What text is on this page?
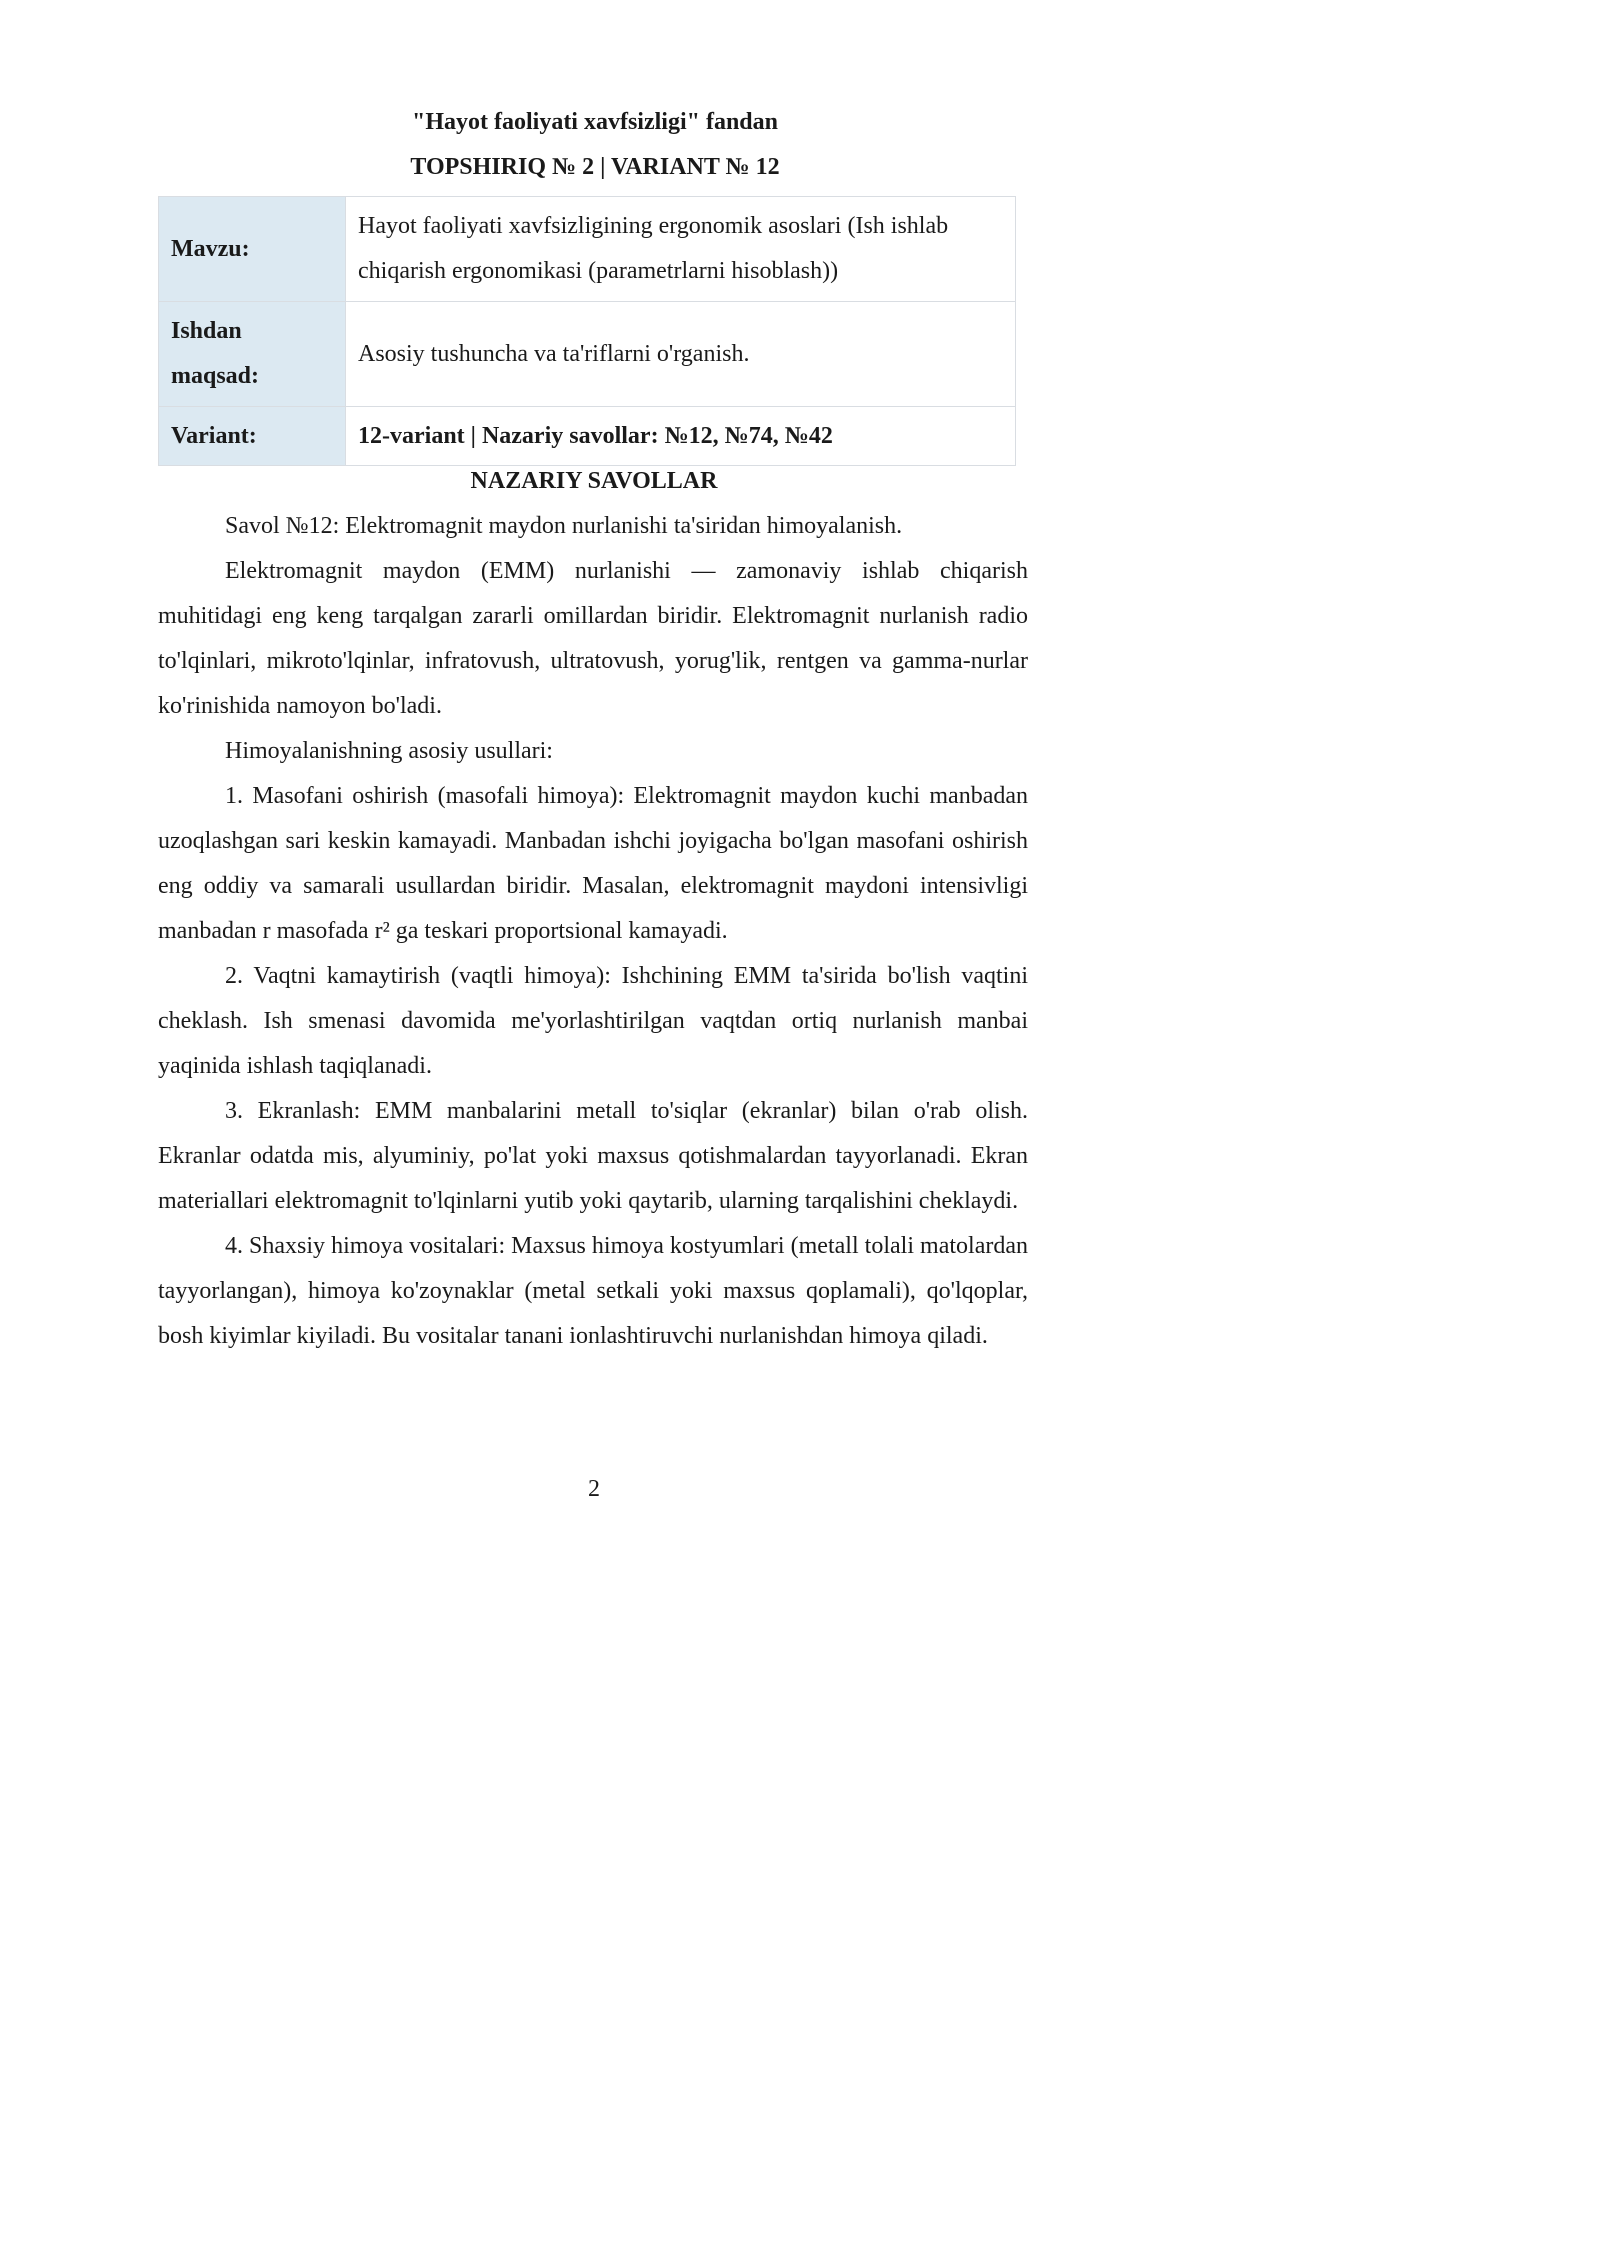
"Hayot faoliyati xavfsizligi" fandan
TOPSHIRIQ № 2 | VARIANT № 12
Mavzu:	Hayot faoliyati xavfsizligining ergonomik asoslari (Ish ishlab chiqarish ergonomikasi (parametrlarni hisoblash))
Ishdan maqsad:	Asosiy tushuncha va ta'riflarni o'rganish.
Variant:	12-variant | Nazariy savollar: №12, №74, №42
NAZARIY SAVOLLAR

Savol №12: Elektromagnit maydon nurlanishi ta'siridan himoyalanish.

Elektromagnit maydon (EMM) nurlanishi — zamonaviy ishlab chiqarish muhitidagi eng keng tarqalgan zararli omillardan biridir. Elektromagnit nurlanish radio to'lqinlari, mikroto'lqinlar, infratovush, ultratovush, yorug'lik, rentgen va gamma-nurlar ko'rinishida namoyon bo'ladi.

Himoyalanishning asosiy usullari:

1. Masofani oshirish (masofali himoya): Elektromagnit maydon kuchi manbadan uzoqlashgan sari keskin kamayadi. Manbadan ishchi joyigacha bo'lgan masofani oshirish eng oddiy va samarali usullardan biridir. Masalan, elektromagnit maydoni intensivligi manbadan r masofada r² ga teskari proportsional kamayadi.

2. Vaqtni kamaytirish (vaqtli himoya): Ishchining EMM ta'sirida bo'lish vaqtini cheklash. Ish smenasi davomida me'yorlashtirilgan vaqtdan ortiq nurlanish manbai yaqinida ishlash taqiqlanadi.

3. Ekranlash: EMM manbalarini metall to'siqlar (ekranlar) bilan o'rab olish. Ekranlar odatda mis, alyuminiy, po'lat yoki maxsus qotishmalardan tayyorlanadi. Ekran materiallari elektromagnit to'lqinlarni yutib yoki qaytarib, ularning tarqalishini cheklaydi.

4. Shaxsiy himoya vositalari: Maxsus himoya kostyumlari (metall tolali matolardan tayyorlangan), himoya ko'zoynaklar (metal setkali yoki maxsus qoplamali), qo'lqoplar, bosh kiyimlar kiyiladi. Bu vositalar tanani ionlashtiruvchi nurlanishdan himoya qiladi.

2
